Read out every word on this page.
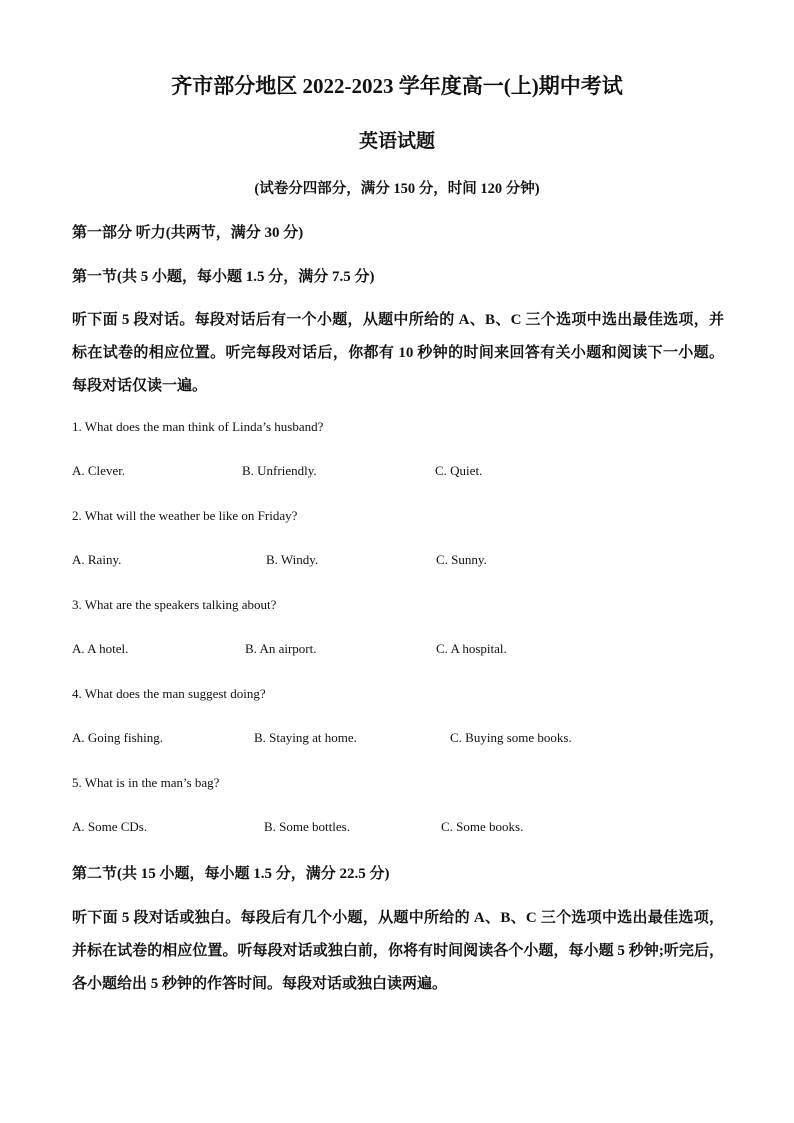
齐市部分地区 2022-2023 学年度高一(上)期中考试
英语试题
(试卷分四部分，满分 150 分，时间 120 分钟)
第一部分 听力(共两节，满分 30 分)
第一节(共 5 小题，每小题 1.5 分，满分 7.5 分)
听下面 5 段对话。每段对话后有一个小题，从题中所给的 A、B、C 三个选项中选出最佳选项，并标在试卷的相应位置。听完每段对话后，你都有 10 秒钟的时间来回答有关小题和阅读下一小题。每段对话仅读一遍。
1. What does the man think of Linda’s husband?
A. Clever.	B. Unfriendly.	C. Quiet.
2. What will the weather be like on Friday?
A. Rainy.	B. Windy.	C. Sunny.
3. What are the speakers talking about?
A. A hotel.	B. An airport.	C. A hospital.
4. What does the man suggest doing?
A. Going fishing.	B. Staying at home.	C. Buying some books.
5. What is in the man’s bag?
A. Some CDs.	B. Some bottles.	C. Some books.
第二节(共 15 小题，每小题 1.5 分，满分 22.5 分)
听下面 5 段对话或独白。每段后有几个小题，从题中所给的 A、B、C 三个选项中选出最佳选项，并标在试卷的相应位置。听每段对话或独白前，你将有时间阅读各个小题，每小题 5 秒钟;听完后，各小题给出 5 秒钟的作答时间。每段对话或独白读两遍。
